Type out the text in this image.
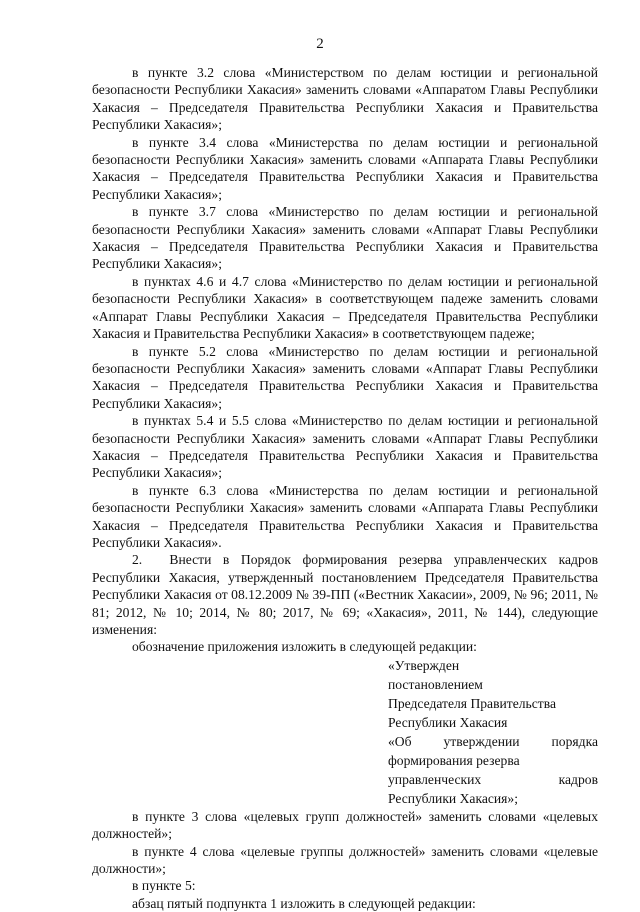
2

в пункте 3.2 слова «Министерством по делам юстиции и региональной безопасности Республики Хакасия» заменить словами «Аппаратом Главы Республики Хакасия – Председателя Правительства Республики Хакасия и Правительства Республики Хакасия»;

в пункте 3.4 слова «Министерства по делам юстиции и региональной безопасности Республики Хакасия» заменить словами «Аппарата Главы Республики Хакасия – Председателя Правительства Республики Хакасия и Правительства Республики Хакасия»;

в пункте 3.7 слова «Министерство по делам юстиции и региональной безопасности Республики Хакасия» заменить словами «Аппарат Главы Республики Хакасия – Председателя Правительства Республики Хакасия и Правительства Республики Хакасия»;

в пунктах 4.6 и 4.7 слова «Министерство по делам юстиции и региональной безопасности Республики Хакасия» в соответствующем падеже заменить словами «Аппарат Главы Республики Хакасия – Председателя Правительства Республики Хакасия и Правительства Республики Хакасия» в соответствующем падеже;

в пункте 5.2 слова «Министерство по делам юстиции и региональной безопасности Республики Хакасия» заменить словами «Аппарат Главы Республики Хакасия – Председателя Правительства Республики Хакасия и Правительства Республики Хакасия»;

в пунктах 5.4 и 5.5 слова «Министерство по делам юстиции и региональной безопасности Республики Хакасия» заменить словами «Аппарат Главы Республики Хакасия – Председателя Правительства Республики Хакасия и Правительства Республики Хакасия»;

в пункте 6.3 слова «Министерства по делам юстиции и региональной безопасности Республики Хакасия» заменить словами «Аппарата Главы Республики Хакасия – Председателя Правительства Республики Хакасия и Правительства Республики Хакасия».

2.  Внести в Порядок формирования резерва управленческих кадров Республики Хакасия, утвержденный постановлением Председателя Правительства Республики Хакасия от 08.12.2009 № 39-ПП («Вестник Хакасии», 2009, № 96; 2011, № 81; 2012, № 10; 2014, № 80; 2017, № 69; «Хакасия», 2011, № 144), следующие изменения:

обозначение приложения изложить в следующей редакции:

«Утвержден
постановлением
Председателя Правительства
Республики Хакасия
«Об утверждении порядка
формирования резерва
управленческих кадров
Республики Хакасия»;

в пункте 3 слова «целевых групп должностей» заменить словами «целевых должностей»;

в пункте 4 слова «целевые группы должностей» заменить словами «целевые должности»;

в пункте 5:

абзац пятый подпункта 1 изложить в следующей редакции:
